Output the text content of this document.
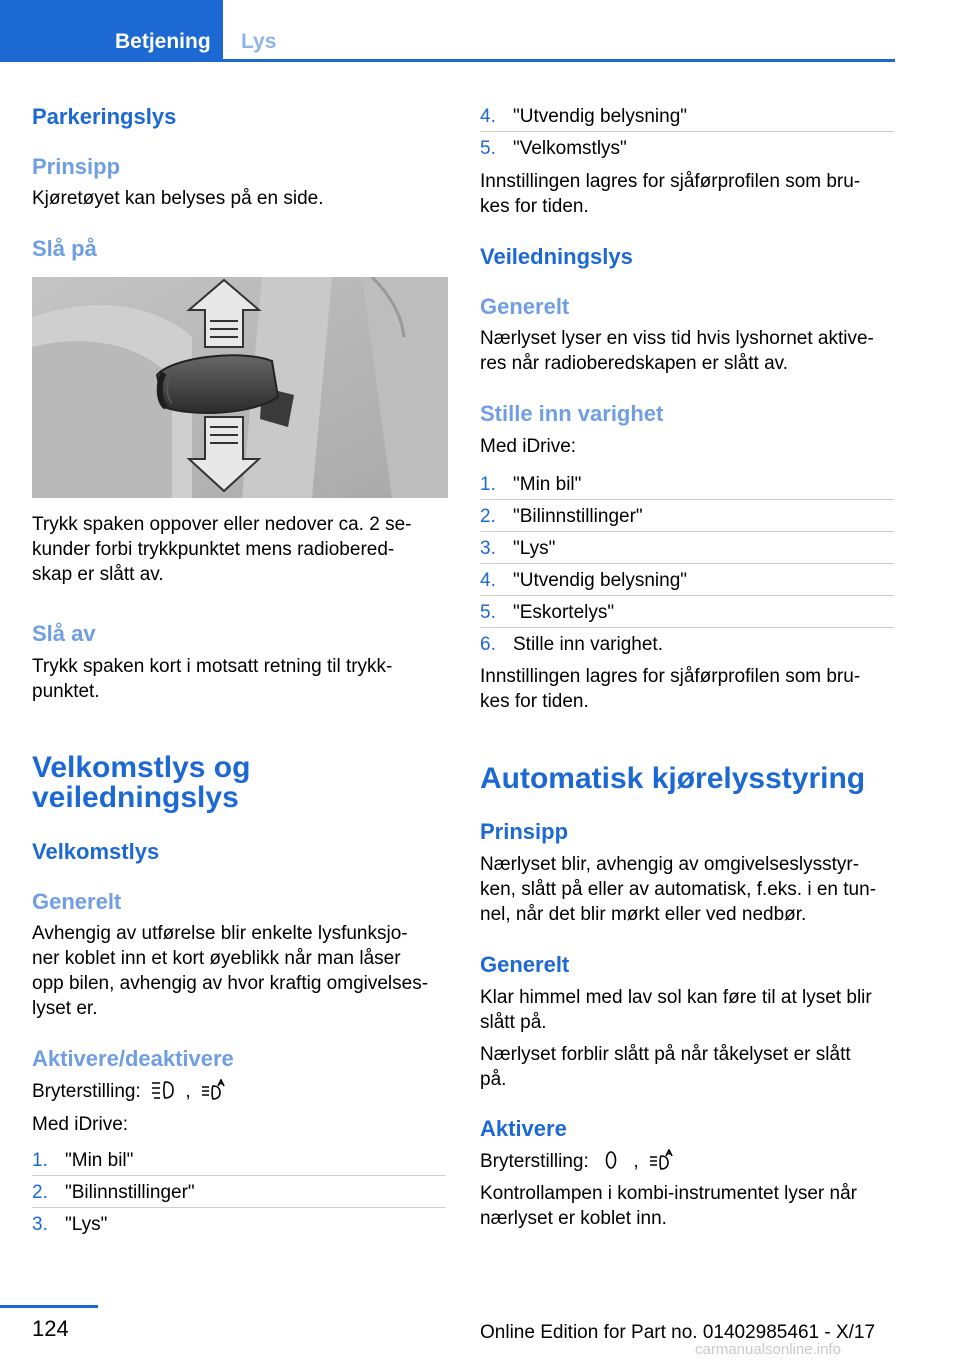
Betjening	Lys
Parkeringslys
Prinsipp
Kjøretøyet kan belyses på en side.
Slå på
Trykk spaken oppover eller nedover ca. 2 se-
kunder forbi trykkpunktet mens radiobered-
skap er slått av.
Slå av
Trykk spaken kort i motsatt retning til trykk-
punktet.
Velkomstlys og
veiledningslys
Velkomstlys
Generelt
Avhengig av utførelse blir enkelte lysfunksjo-
ner koblet inn et kort øyeblikk når man låser
opp bilen, avhengig av hvor kraftig omgivelses-
lyset er.
Aktivere/deaktivere
Bryterstilling: ,
Med iDrive:
1. "Min bil"
2. "Bilinnstillinger"
3. "Lys"
4. "Utvendig belysning"
5. "Velkomstlys"
Innstillingen lagres for sjåførprofilen som bru-
kes for tiden.
Veiledningslys
Generelt
Nærlyset lyser en viss tid hvis lyshornet aktive-
res når radioberedskapen er slått av.
Stille inn varighet
Med iDrive:
1. "Min bil"
2. "Bilinnstillinger"
3. "Lys"
4. "Utvendig belysning"
5. "Eskortelys"
6. Stille inn varighet.
Innstillingen lagres for sjåførprofilen som bru-
kes for tiden.
Automatisk kjørelysstyring
Prinsipp
Nærlyset blir, avhengig av omgivelseslysstyr-
ken, slått på eller av automatisk, f.eks. i en tun-
nel, når det blir mørkt eller ved nedbør.
Generelt
Klar himmel med lav sol kan føre til at lyset blir
slått på.
Nærlyset forblir slått på når tåkelyset er slått
på.
Aktivere
Bryterstilling: ,
Kontrollampen i kombi-instrumentet lyser når
nærlyset er koblet inn.
124	Online Edition for Part no. 01402985461 - X/17
carmanualsonline.info
